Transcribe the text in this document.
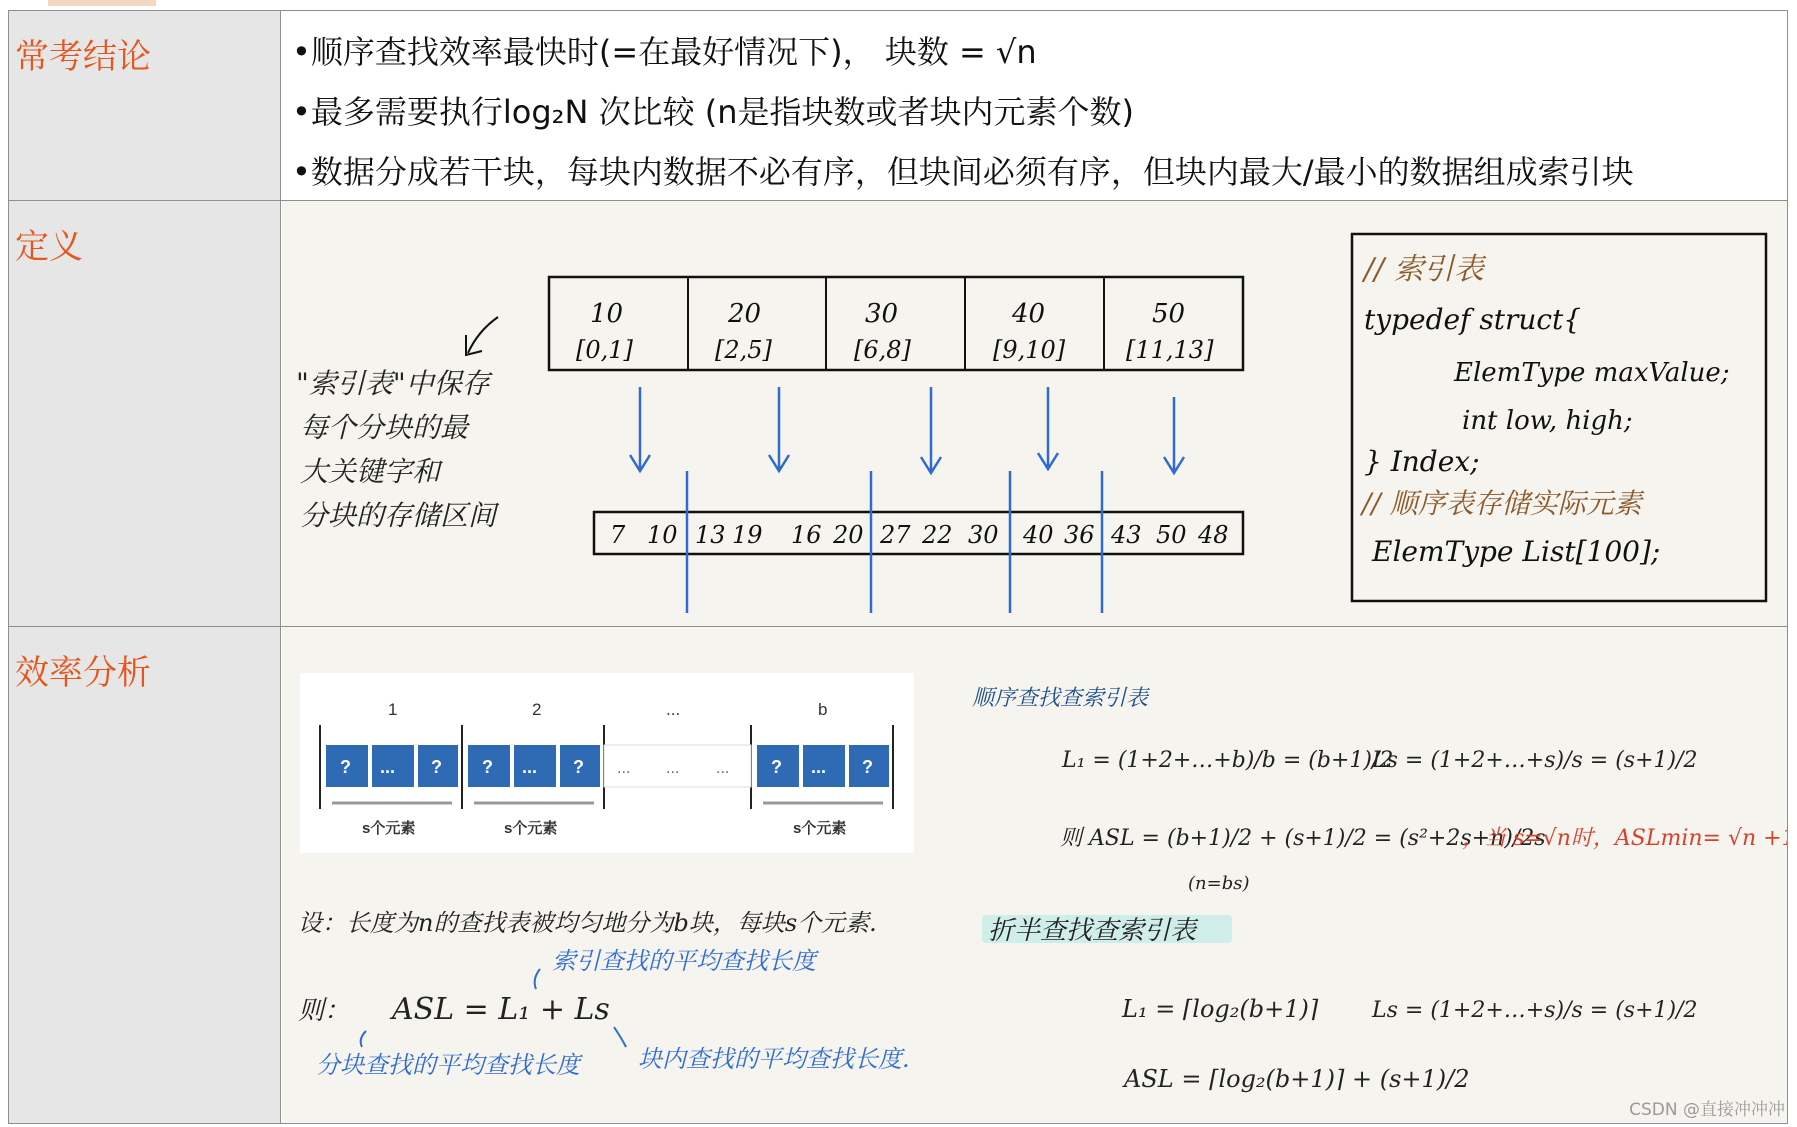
常考结论	•顺序查找效率最快时(=在最好情况下)， 块数 = √n
•最多需要执行log₂N 次比较 (n是指块数或者块内元素个数)
•数据分成若干块，每块内数据不必有序，但块间必须有序，但块内最大/最小的数据组成索引块
定义
10
[0,1]
20
[2,5]
30
[6,8]
40
[9,10]
50
[11,13]
7 10 13 19 16 20 27 22 30 40 36 43 50 48
"索引表"中保存
每个分块的最
大关键字和
分块的存储区间
// 索引表
typedef struct{
ElemType maxValue;
int low, high;
} Index;
// 顺序表存储实际元素
ElemType List[100];
效率分析
1	2	...	b
? ... ? ? ... ?	? ... ?
... ... ...
s个元素	s个元素	s个元素
设：长度为n的查找表被均匀地分为b块，每块s个元素.
则： ASL = L₁ + Ls
索引查找的平均查找长度
块内查找的平均查找长度.
分块查找的平均查找长度
顺序查找查索引表
L₁ = (1+2+…+b)/b = (b+1)/2
Ls = (1+2+…+s)/s = (s+1)/2
则 ASL = (b+1)/2 + (s+1)/2 = (s²+2s+n)/2s
(n=bs)
，当 s=√n时，ASLmin= √n +1
折半查找查索引表
L₁ = ⌈log₂(b+1)⌉ Ls = (1+2+…+s)/s = (s+1)/2
ASL = ⌈log₂(b+1)⌉ + (s+1)/2
CSDN @直接冲冲冲
